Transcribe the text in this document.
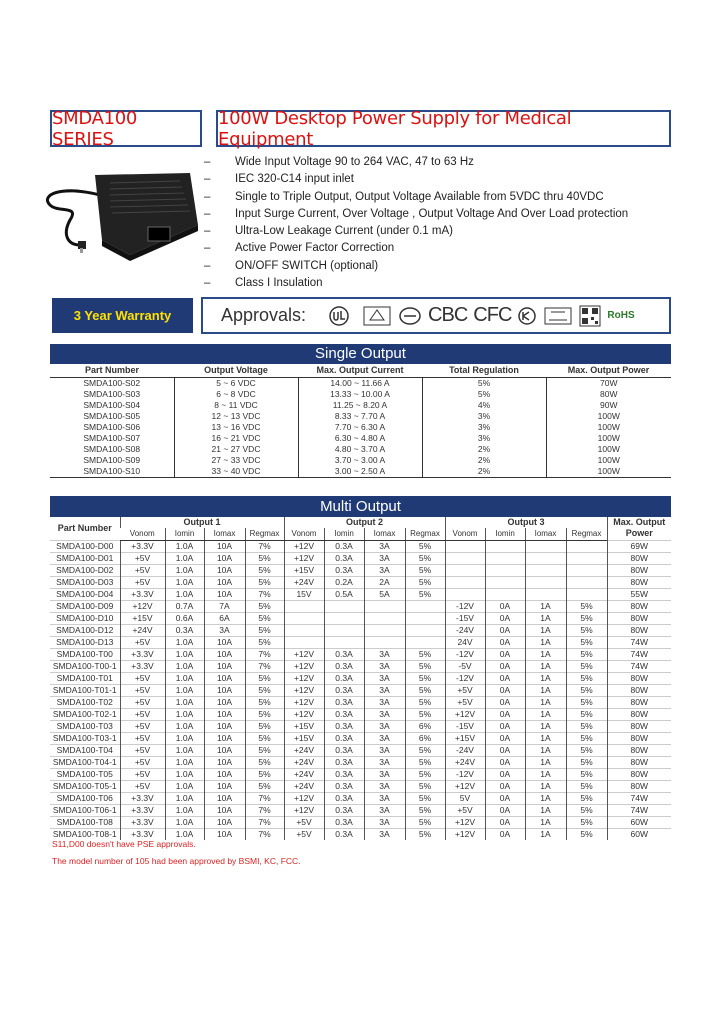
SMDA100 SERIES
100W Desktop Power Supply for Medical Equipment
–	Wide Input Voltage 90 to 264 VAC, 47 to 63 Hz
–	IEC 320-C14 input inlet
–	Single to Triple Output, Output Voltage Available from 5VDC thru 40VDC
–	Input Surge Current, Over Voltage , Output Voltage And Over Load protection
–	Ultra-Low Leakage Current (under 0.1 mA)
–	Active Power Factor Correction
–	ON/OFF SWITCH (optional)
–	Class I Insulation
3 Year Warranty	Approvals:	CBC CFC	RoHS
Single Output
Part Number	Output Voltage	Max. Output Current	Total Regulation	Max. Output Power
SMDA100-S02	5 ~ 6 VDC	14.00 ~ 11.66 A	5%	70W
SMDA100-S03	6 ~ 8 VDC	13.33 ~ 10.00 A	5%	80W
SMDA100-S04	8 ~ 11 VDC	11.25 ~ 8.20 A	4%	90W
SMDA100-S05	12 ~ 13 VDC	8.33 ~ 7.70 A	3%	100W
SMDA100-S06	13 ~ 16 VDC	7.70 ~ 6.30 A	3%	100W
SMDA100-S07	16 ~ 21 VDC	6.30 ~ 4.80 A	3%	100W
SMDA100-S08	21 ~ 27 VDC	4.80 ~ 3.70 A	2%	100W
SMDA100-S09	27 ~ 33 VDC	3.70 ~ 3.00 A	2%	100W
SMDA100-S10	33 ~ 40 VDC	3.00 ~ 2.50 A	2%	100W
Multi Output
Part Number	Output 1				Output 2				Output 3				Max. Output Power
	Vonom	Iomin	Iomax	Regmax	Vonom	Iomin	Iomax	Regmax	Vonom	Iomin	Iomax	Regmax	
SMDA100-D00	+3.3V	1.0A	10A	7%	+12V	0.3A	3A	5%					69W
SMDA100-D01	+5V	1.0A	10A	5%	+12V	0.3A	3A	5%					80W
SMDA100-D02	+5V	1.0A	10A	5%	+15V	0.3A	3A	5%					80W
SMDA100-D03	+5V	1.0A	10A	5%	+24V	0.2A	2A	5%					80W
SMDA100-D04	+3.3V	1.0A	10A	7%	15V	0.5A	5A	5%					55W
SMDA100-D09	+12V	0.7A	7A	5%					-12V	0A	1A	5%	80W
SMDA100-D10	+15V	0.6A	6A	5%					-15V	0A	1A	5%	80W
SMDA100-D12	+24V	0.3A	3A	5%					-24V	0A	1A	5%	80W
SMDA100-D13	+5V	1.0A	10A	5%					24V	0A	1A	5%	74W
SMDA100-T00	+3.3V	1.0A	10A	7%	+12V	0.3A	3A	5%	-12V	0A	1A	5%	74W
SMDA100-T00-1	+3.3V	1.0A	10A	7%	+12V	0.3A	3A	5%	-5V	0A	1A	5%	74W
SMDA100-T01	+5V	1.0A	10A	5%	+12V	0.3A	3A	5%	-12V	0A	1A	5%	80W
SMDA100-T01-1	+5V	1.0A	10A	5%	+12V	0.3A	3A	5%	+5V	0A	1A	5%	80W
SMDA100-T02	+5V	1.0A	10A	5%	+12V	0.3A	3A	5%	+5V	0A	1A	5%	80W
SMDA100-T02-1	+5V	1.0A	10A	5%	+12V	0.3A	3A	5%	+12V	0A	1A	5%	80W
SMDA100-T03	+5V	1.0A	10A	5%	+15V	0.3A	3A	6%	-15V	0A	1A	5%	80W
SMDA100-T03-1	+5V	1.0A	10A	5%	+15V	0.3A	3A	6%	+15V	0A	1A	5%	80W
SMDA100-T04	+5V	1.0A	10A	5%	+24V	0.3A	3A	5%	-24V	0A	1A	5%	80W
SMDA100-T04-1	+5V	1.0A	10A	5%	+24V	0.3A	3A	5%	+24V	0A	1A	5%	80W
SMDA100-T05	+5V	1.0A	10A	5%	+24V	0.3A	3A	5%	-12V	0A	1A	5%	80W
SMDA100-T05-1	+5V	1.0A	10A	5%	+24V	0.3A	3A	5%	+12V	0A	1A	5%	80W
SMDA100-T06	+3.3V	1.0A	10A	7%	+12V	0.3A	3A	5%	5V	0A	1A	5%	74W
SMDA100-T06-1	+3.3V	1.0A	10A	7%	+12V	0.3A	3A	5%	+5V	0A	1A	5%	74W
SMDA100-T08	+3.3V	1.0A	10A	7%	+5V	0.3A	3A	5%	+12V	0A	1A	5%	60W
SMDA100-T08-1	+3.3V	1.0A	10A	7%	+5V	0.3A	3A	5%	+12V	0A	1A	5%	60W
S11,D00 doesn't have PSE approvals.
The model number of 105 had been approved by BSMI, KC, FCC.
